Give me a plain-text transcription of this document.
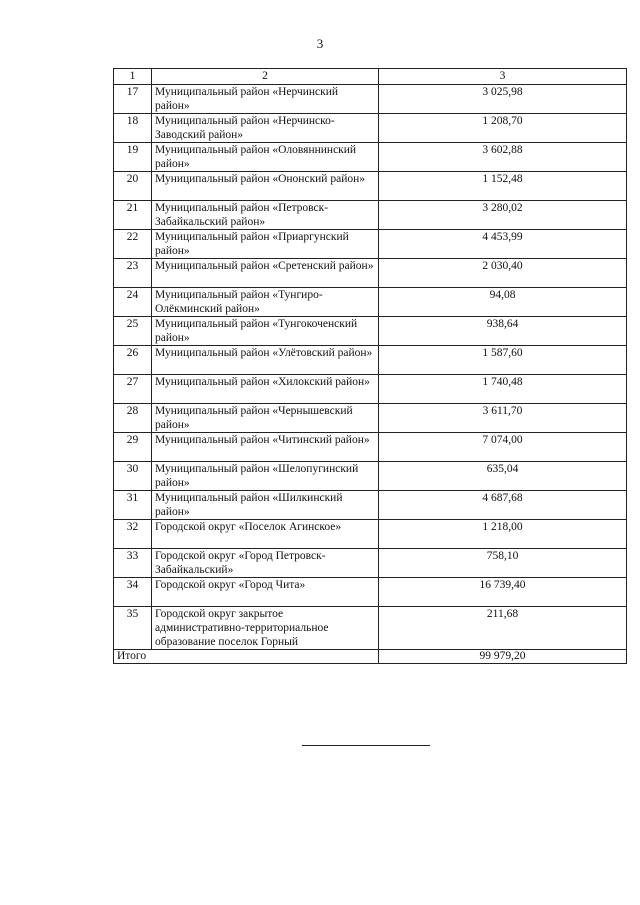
3
1	2	3
17	Муниципальный район «Нерчинский район»	3 025,98
18	Муниципальный район «Нерчинско-Заводский район»	1 208,70
19	Муниципальный район «Оловяннинский район»	3 602,88
20	Муниципальный район «Ононский район»	1 152,48
21	Муниципальный район «Петровск-Забайкальский район»	3 280,02
22	Муниципальный район «Приаргунский район»	4 453,99
23	Муниципальный район «Сретенский район»	2 030,40
24	Муниципальный район «Тунгиро-Олёкминский район»	94,08
25	Муниципальный район «Тунгокоченский район»	938,64
26	Муниципальный район «Улётовский район»	1 587,60
27	Муниципальный район «Хилокский район»	1 740,48
28	Муниципальный район «Чернышевский район»	3 611,70
29	Муниципальный район «Читинский район»	7 074,00
30	Муниципальный район «Шелопугинский район»	635,04
31	Муниципальный район «Шилкинский район»	4 687,68
32	Городской округ «Поселок Агинское»	1 218,00
33	Городской округ «Город Петровск-Забайкальский»	758,10
34	Городской округ «Город Чита»	16 739,40
35	Городской округ закрытое административно-территориальное образование поселок Горный	211,68
Итого		99 979,20
